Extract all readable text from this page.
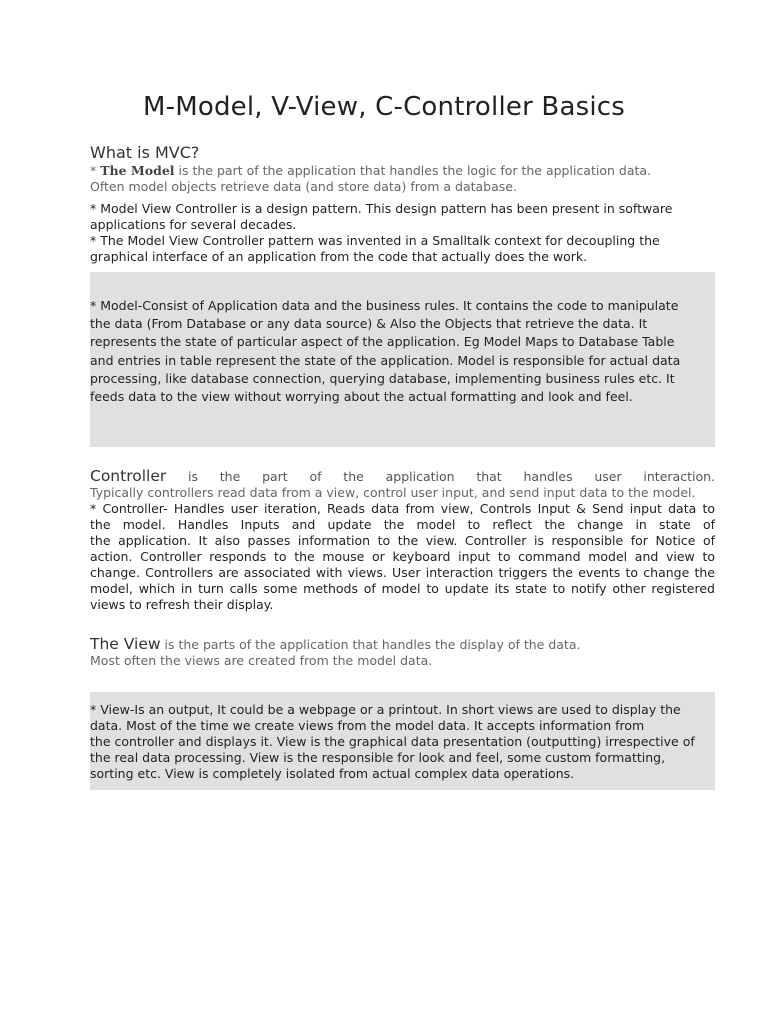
M-Model, V-View, C-Controller Basics
What is MVC?
* The Model is the part of the application that handles the logic for the application data.
Often model objects retrieve data (and store data) from a database.
* Model View Controller is a design pattern. This design pattern has been present in software
applications for several decades.
* The Model View Controller pattern was invented in a Smalltalk context for decoupling the
graphical interface of an application from the code that actually does the work.

* Model-Consist of Application data and the business rules. It contains the code to manipulate
the data (From Database or any data source) & Also the Objects that retrieve the data. It
represents the state of particular aspect of the application. Eg Model Maps to Database Table
and entries in table represent the state of the application. Model is responsible for actual data
processing, like database connection, querying database, implementing business rules etc. It
feeds data to the view without worrying about the actual formatting and look and feel.

Controller is the part of the application that handles user interaction.
Typically controllers read data from a view, control user input, and send input data to the model.
* Controller- Handles user iteration, Reads data from view, Controls Input & Send input data to
the model. Handles Inputs and update the model to reflect the change in state of
the application. It also passes information to the view. Controller is responsible for Notice of
action. Controller responds to the mouse or keyboard input to command model and view to
change. Controllers are associated with views. User interaction triggers the events to change the
model, which in turn calls some methods of model to update its state to notify other registered
views to refresh their display.
The View is the parts of the application that handles the display of the data.
Most often the views are created from the model data.

* View-Is an output, It could be a webpage or a printout. In short views are used to display the
data. Most of the time we create views from the model data. It accepts information from
the controller and displays it. View is the graphical data presentation (outputting) irrespective of
the real data processing. View is the responsible for look and feel, some custom formatting,
sorting etc. View is completely isolated from actual complex data operations.
